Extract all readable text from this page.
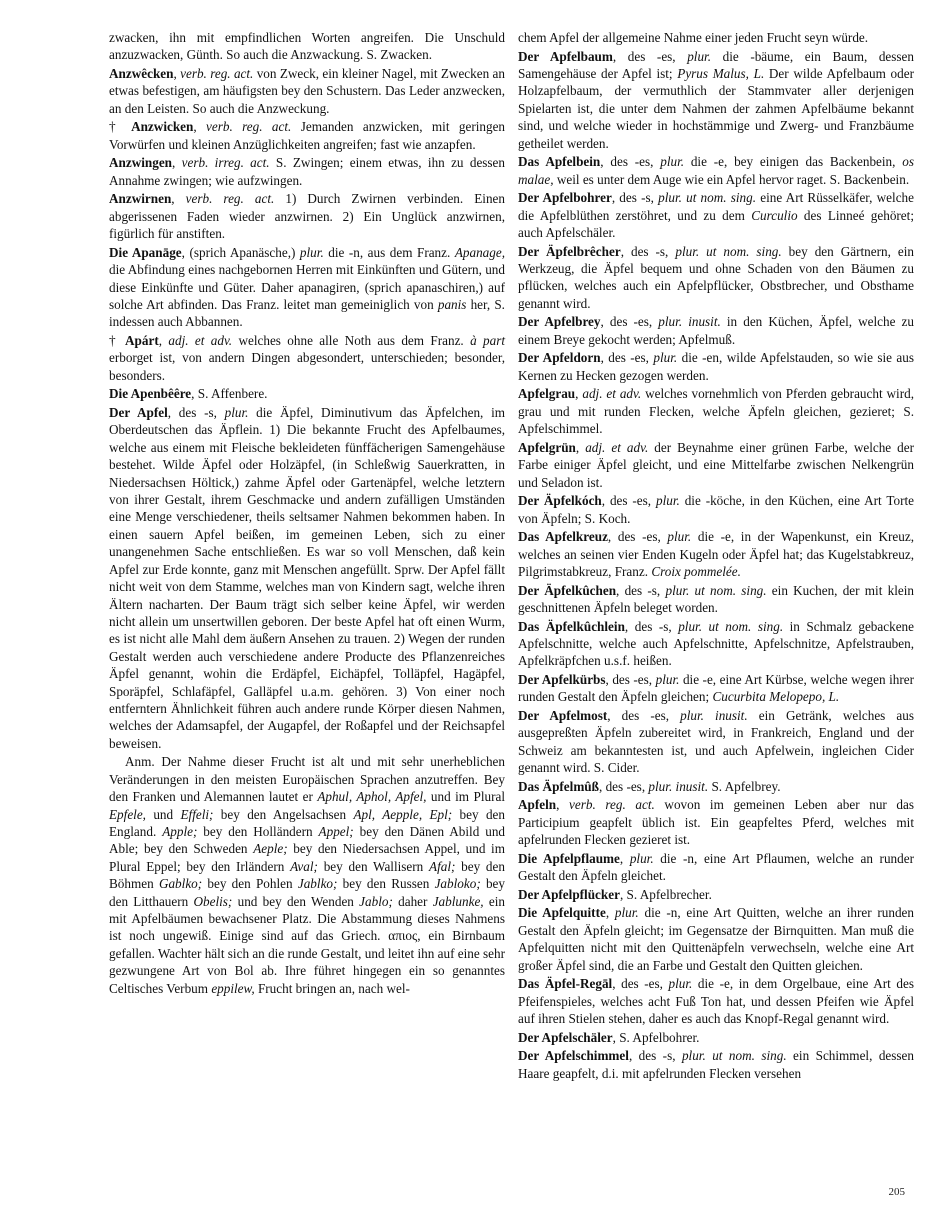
zwacken, ihn mit empfindlichen Worten angreifen. Die Unschuld anzuzwacken, Günth. So auch die Anzwackung. S. Zwacken.

Anzwêcken, verb. reg. act. von Zweck, ein kleiner Nagel, mit Zwecken an etwas befestigen, am häufigsten bey den Schustern. Das Leder anzwecken, an den Leisten. So auch die Anzweckung.

† Anzwicken, verb. reg. act. Jemanden anzwicken, mit geringen Vorwürfen und kleinen Anzüglichkeiten angreifen; fast wie anzapfen.

Anzwingen, verb. irreg. act. S. Zwingen; einem etwas, ihn zu dessen Annahme zwingen; wie aufzwingen.

Anzwirnen, verb. reg. act. 1) Durch Zwirnen verbinden. Einen abgerissenen Faden wieder anzwirnen. 2) Ein Unglück anzwirnen, figürlich für anstiften.

Die Apanāge, (sprich Apanäsche,) plur. die -n, aus dem Franz. Apanage, die Abfindung eines nachgebornen Herren mit Einkünften und Gütern, und diese Einkünfte und Güter. Daher apanagiren, (sprich apanaschiren,) auf solche Art abfinden. Das Franz. leitet man gemeiniglich von panis her, S. indessen auch Abbannen.

† Apárt, adj. et adv. welches ohne alle Noth aus dem Franz. à part erborget ist, von andern Dingen abgesondert, unterschieden; besonder, besonders.

Die Apenbêêre, S. Affenbere.

Der Apfel, des -s, plur. die Äpfel, Diminutivum das Äpfelchen, im Oberdeutschen das Äpflein. 1) Die bekannte Frucht des Apfelbaumes, welche aus einem mit Fleische bekleideten fünffächerigen Samengehäuse bestehet. Wilde Äpfel oder Holzäpfel, (in Schleßwig Sauerkratten, in Niedersachsen Höltick,) zahme Äpfel oder Gartenäpfel, welche letztern von ihrer Gestalt, ihrem Geschmacke und andern zufälligen Umständen eine Menge verschiedener, theils seltsamer Nahmen bekommen haben. In einen sauern Apfel beißen, im gemeinen Leben, sich zu einer unangenehmen Sache entschließen. Es war so voll Menschen, daß kein Apfel zur Erde konnte, ganz mit Menschen angefüllt. Sprw. Der Apfel fällt nicht weit von dem Stamme, welches man von Kindern sagt, welche ihren Ältern nacharten. Der Baum trägt sich selber keine Äpfel, wir werden nicht allein um unsertwillen geboren. Der beste Apfel hat oft einen Wurm, es ist nicht alle Mahl dem äußern Ansehen zu trauen. 2) Wegen der runden Gestalt werden auch verschiedene andere Producte des Pflanzenreiches Äpfel genannt, wohin die Erdäpfel, Eichäpfel, Tolläpfel, Hagäpfel, Sporäpfel, Schlafäpfel, Galläpfel u.a.m. gehören. 3) Von einer noch entferntern Ähnlichkeit führen auch andere runde Körper diesen Nahmen, welches der Adamsapfel, der Augapfel, der Roßapfel und der Reichsapfel beweisen.

Anm. Der Nahme dieser Frucht ist alt und mit sehr unerheblichen Veränderungen in den meisten Europäischen Sprachen anzutreffen. Bey den Franken und Alemannen lautet er Aphul, Aphol, Apfel, und im Plural Epfele, und Effeli; bey den Angelsachsen Apl, Aepple, Epl; bey den England. Apple; bey den Holländern Appel; bey den Dänen Abild und Able; bey den Schweden Aeple; bey den Niedersachsen Appel, und im Plural Eppel; bey den Irländern Aval; bey den Wallisern Afal; bey den Böhmen Gablko; bey den Pohlen Jablko; bey den Russen Jabloko; bey den Litthauern Obelis; und bey den Wenden Jablo; daher Jablunke, ein mit Apfelbäumen bewachsener Platz. Die Abstammung dieses Nahmens ist noch ungewiß. Einige sind auf das Griech. απιος, ein Birnbaum gefallen. Wachter hält sich an die runde Gestalt, und leitet ihn auf eine sehr gezwungene Art von Bol ab. Ihre führet hingegen ein so genanntes Celtisches Verbum eppilew, Frucht bringen an, nach wel-

chem Apfel der allgemeine Nahme einer jeden Frucht seyn würde.

Der Apfelbaum, des -es, plur. die -bäume, ein Baum, dessen Samengehäuse der Apfel ist; Pyrus Malus, L. Der wilde Apfelbaum oder Holzapfelbaum, der vermuthlich der Stammvater aller derjenigen Spielarten ist, die unter dem Nahmen der zahmen Apfelbäume bekannt sind, und welche wieder in hochstämmige und Zwerg- und Franzbäume getheilet werden.

Das Apfelbein, des -es, plur. die -e, bey einigen das Backenbein, os malae, weil es unter dem Auge wie ein Apfel hervor raget. S. Backenbein.

Der Apfelbohrer, des -s, plur. ut nom. sing. eine Art Rüsselkäfer, welche die Apfelblüthen zerstöhret, und zu dem Curculio des Linneé gehöret; auch Apfelschäler.

Der Äpfelbrêcher, des -s, plur. ut nom. sing. bey den Gärtnern, ein Werkzeug, die Äpfel bequem und ohne Schaden von den Bäumen zu pflücken, welches auch ein Apfelpflücker, Obstbrecher, und Obsthame genannt wird.

Der Apfelbrey, des -es, plur. inusit. in den Küchen, Äpfel, welche zu einem Breye gekocht werden; Apfelmuß.

Der Apfeldorn, des -es, plur. die -en, wilde Apfelstauden, so wie sie aus Kernen zu Hecken gezogen werden.

Apfelgrau, adj. et adv. welches vornehmlich von Pferden gebraucht wird, grau und mit runden Flecken, welche Äpfeln gleichen, gezieret; S. Apfelschimmel.

Apfelgrün, adj. et adv. der Beynahme einer grünen Farbe, welche der Farbe einiger Äpfel gleicht, und eine Mittelfarbe zwischen Nelkengrün und Seladon ist.

Der Äpfelkóch, des -es, plur. die -köche, in den Küchen, eine Art Torte von Äpfeln; S. Koch.

Das Apfelkreuz, des -es, plur. die -e, in der Wapenkunst, ein Kreuz, welches an seinen vier Enden Kugeln oder Äpfel hat; das Kugelstabkreuz, Pilgrimstabkreuz, Franz. Croix pommelée.

Der Äpfelkûchen, des -s, plur. ut nom. sing. ein Kuchen, der mit klein geschnittenen Äpfeln beleget worden.

Das Äpfelkûchlein, des -s, plur. ut nom. sing. in Schmalz gebackene Apfelschnitte, welche auch Apfelschnitte, Apfelschnitze, Apfelstrauben, Apfelkräpfchen u.s.f. heißen.

Der Apfelkürbs, des -es, plur. die -e, eine Art Kürbse, welche wegen ihrer runden Gestalt den Äpfeln gleichen; Cucurbita Melopepo, L.

Der Apfelmost, des -es, plur. inusit. ein Getränk, welches aus ausgepreßten Äpfeln zubereitet wird, in Frankreich, England und der Schweiz am bekanntesten ist, und auch Apfelwein, ingleichen Cider genannt wird. S. Cider.

Das Äpfelmûß, des -es, plur. inusit. S. Apfelbrey.

Apfeln, verb. reg. act. wovon im gemeinen Leben aber nur das Participium geapfelt üblich ist. Ein geapfeltes Pferd, welches mit apfelrunden Flecken gezieret ist.

Die Apfelpflaume, plur. die -n, eine Art Pflaumen, welche an runder Gestalt den Äpfeln gleichet.

Der Apfelpflücker, S. Apfelbrecher.

Die Apfelquitte, plur. die -n, eine Art Quitten, welche an ihrer runden Gestalt den Äpfeln gleicht; im Gegensatze der Birnquitten. Man muß die Apfelquitten nicht mit den Quittenäpfeln verwechseln, welche eine Art großer Äpfel sind, die an Farbe und Gestalt den Quitten gleichen.

Das Äpfel-Regāl, des -es, plur. die -e, in dem Orgelbaue, eine Art des Pfeifenspieles, welches acht Fuß Ton hat, und dessen Pfeifen wie Äpfel auf ihren Stielen stehen, daher es auch das Knopf-Regal genannt wird.

Der Apfelschäler, S. Apfelbohrer.

Der Apfelschimmel, des -s, plur. ut nom. sing. ein Schimmel, dessen Haare geapfelt, d.i. mit apfelrunden Flecken versehen

205
